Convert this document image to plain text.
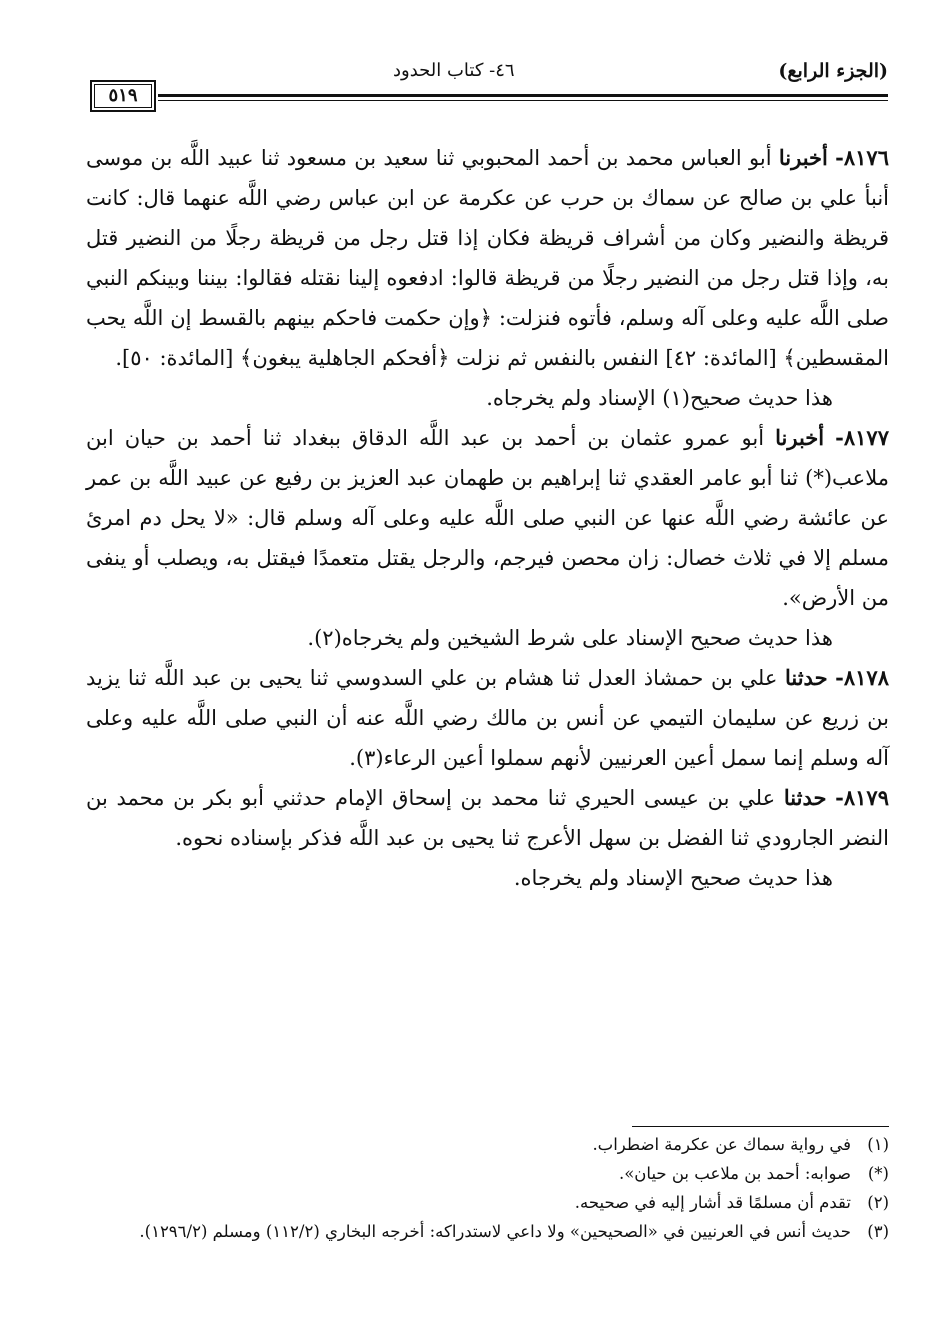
(الجزء الرابع)
٤٦- كتاب الحدود
٥١٩

٨١٧٦- أخبرنا أبو العباس محمد بن أحمد المحبوبي ثنا سعيد بن مسعود ثنا عبيد اللَّه بن موسى أنبأ علي بن صالح عن سماك بن حرب عن عكرمة عن ابن عباس رضي اللَّه عنهما قال: كانت قريظة والنضير وكان من أشراف قريظة فكان إذا قتل رجل من قريظة رجلًا من النضير قتل به، وإذا قتل رجل من النضير رجلًا من قريظة قالوا: ادفعوه إلينا نقتله فقالوا: بيننا وبينكم النبي صلى اللَّه عليه وعلى آله وسلم، فأتوه فنزلت: ﴿وإن حكمت فاحكم بينهم بالقسط إن اللَّه يحب المقسطين﴾ [المائدة: ٤٢] النفس بالنفس ثم نزلت ﴿أفحكم الجاهلية يبغون﴾ [المائدة: ٥٠].

هذا حديث صحيح(١) الإسناد ولم يخرجاه.

٨١٧٧- أخبرنا أبو عمرو عثمان بن أحمد بن عبد اللَّه الدقاق ببغداد ثنا أحمد بن حيان ابن ملاعب(*) ثنا أبو عامر العقدي ثنا إبراهيم بن طهمان عبد العزيز بن رفيع عن عبيد اللَّه بن عمر عن عائشة رضي اللَّه عنها عن النبي صلى اللَّه عليه وعلى آله وسلم قال: «لا يحل دم امرئ مسلم إلا في ثلاث خصال: زان محصن فيرجم، والرجل يقتل متعمدًا فيقتل به، ويصلب أو ينفى من الأرض».

هذا حديث صحيح الإسناد على شرط الشيخين ولم يخرجاه(٢).

٨١٧٨- حدثنا علي بن حمشاذ العدل ثنا هشام بن علي السدوسي ثنا يحيى بن عبد اللَّه ثنا يزيد بن زريع عن سليمان التيمي عن أنس بن مالك رضي اللَّه عنه أن النبي صلى اللَّه عليه وعلى آله وسلم إنما سمل أعين العرنيين لأنهم سملوا أعين الرعاء(٣).

٨١٧٩- حدثنا علي بن عيسى الحيري ثنا محمد بن إسحاق الإمام حدثني أبو بكر بن محمد بن النضر الجارودي ثنا الفضل بن سهل الأعرج ثنا يحيى بن عبد اللَّه فذكر بإسناده نحوه.

هذا حديث صحيح الإسناد ولم يخرجاه.

(١)
في رواية سماك عن عكرمة اضطراب.

(*)
صوابه: أحمد بن ملاعب بن حيان».

(٢)
تقدم أن مسلمًا قد أشار إليه في صحيحه.

(٣)
حديث أنس في العرنيين في «الصحيحين» ولا داعي لاستدراكه: أخرجه البخاري (١١٢/٢) ومسلم (١٢٩٦/٢).
